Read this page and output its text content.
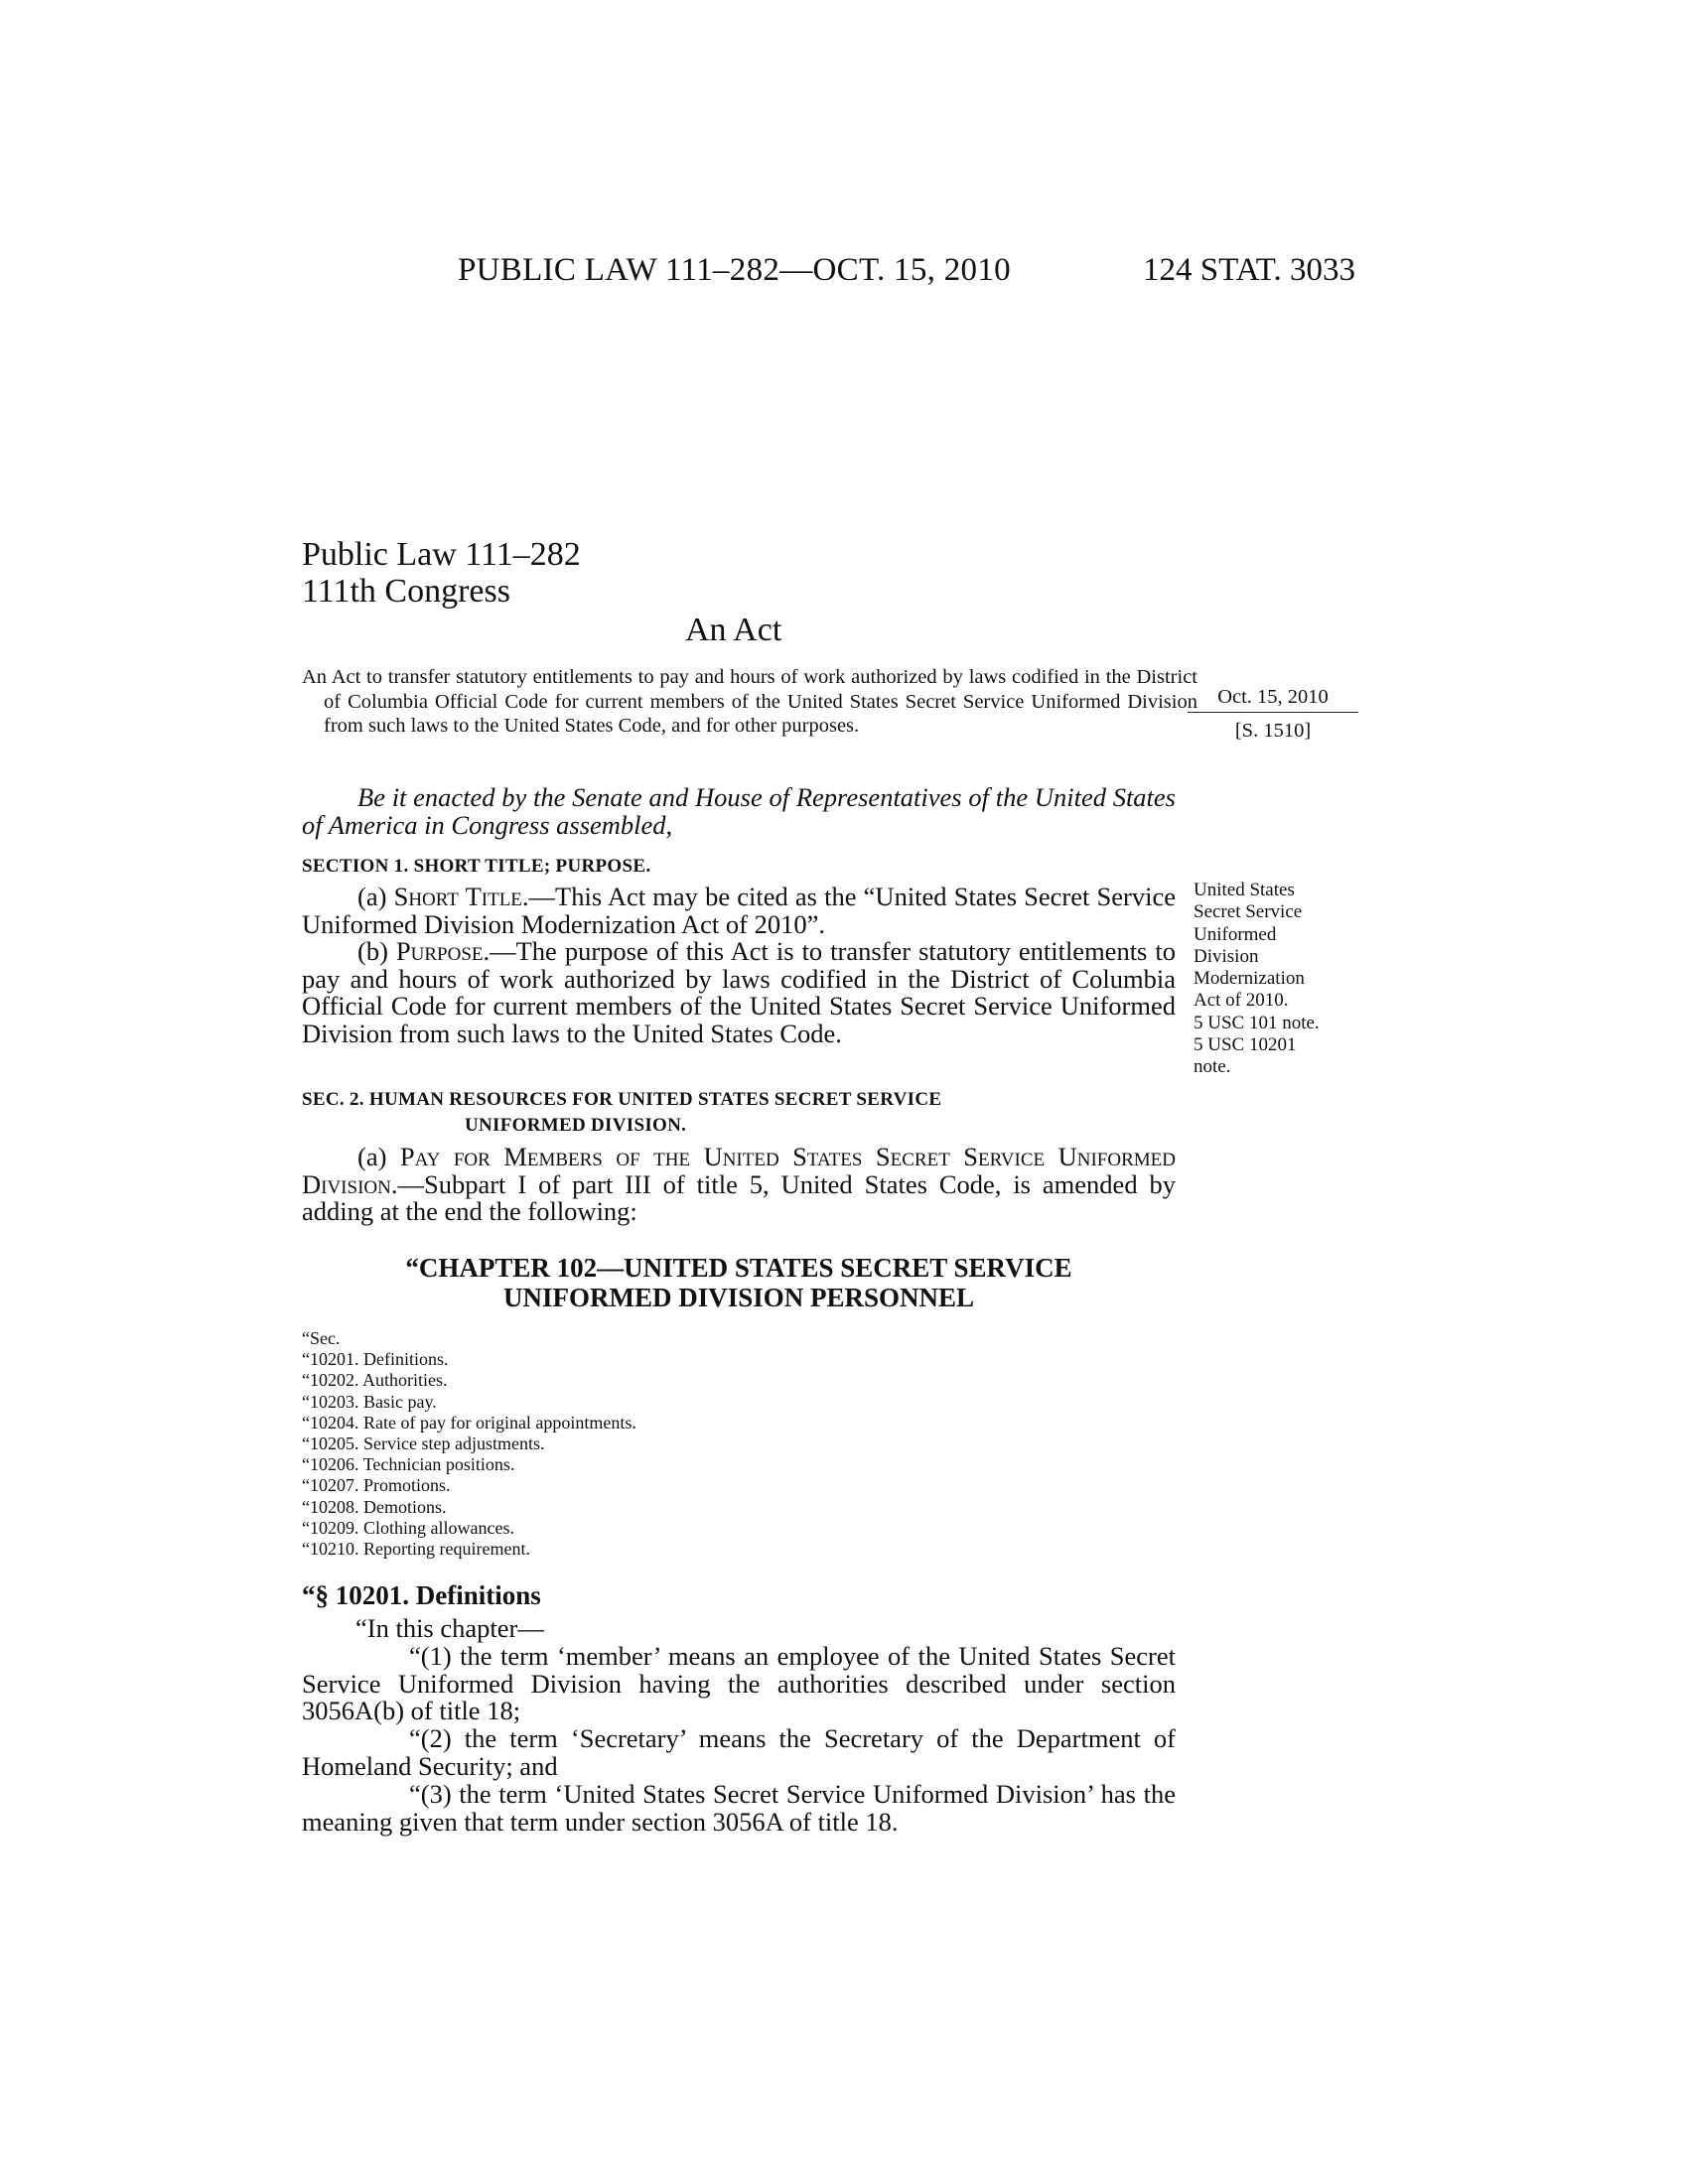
PUBLIC LAW 111–282—OCT. 15, 2010	124 STAT. 3033
Public Law 111–282
111th Congress
An Act
An Act to transfer statutory entitlements to pay and hours of work authorized by laws codified in the District of Columbia Official Code for current members of the United States Secret Service Uniformed Division from such laws to the United States Code, and for other purposes.
Oct. 15, 2010
[S. 1510]
United States
Secret Service
Uniformed
Division
Modernization
Act of 2010.
5 USC 101 note.
5 USC 10201
note.
Be it enacted by the Senate and House of Representatives of the United States of America in Congress assembled,
SECTION 1. SHORT TITLE; PURPOSE.
(a) Short Title.—This Act may be cited as the “United States Secret Service Uniformed Division Modernization Act of 2010”.
(b) Purpose.—The purpose of this Act is to transfer statutory entitlements to pay and hours of work authorized by laws codified in the District of Columbia Official Code for current members of the United States Secret Service Uniformed Division from such laws to the United States Code.
SEC. 2. HUMAN RESOURCES FOR UNITED STATES SECRET SERVICE
UNIFORMED DIVISION.
(a) Pay for Members of the United States Secret Service Uniformed Division.—Subpart I of part III of title 5, United States Code, is amended by adding at the end the following:
“CHAPTER 102—UNITED STATES SECRET SERVICE
UNIFORMED DIVISION PERSONNEL
“Sec.
“10201. Definitions.
“10202. Authorities.
“10203. Basic pay.
“10204. Rate of pay for original appointments.
“10205. Service step adjustments.
“10206. Technician positions.
“10207. Promotions.
“10208. Demotions.
“10209. Clothing allowances.
“10210. Reporting requirement.
“§ 10201. Definitions
“In this chapter—
“(1) the term ‘member’ means an employee of the United States Secret Service Uniformed Division having the authorities described under section 3056A(b) of title 18;
“(2) the term ‘Secretary’ means the Secretary of the Department of Homeland Security; and
“(3) the term ‘United States Secret Service Uniformed Division’ has the meaning given that term under section 3056A of title 18.
